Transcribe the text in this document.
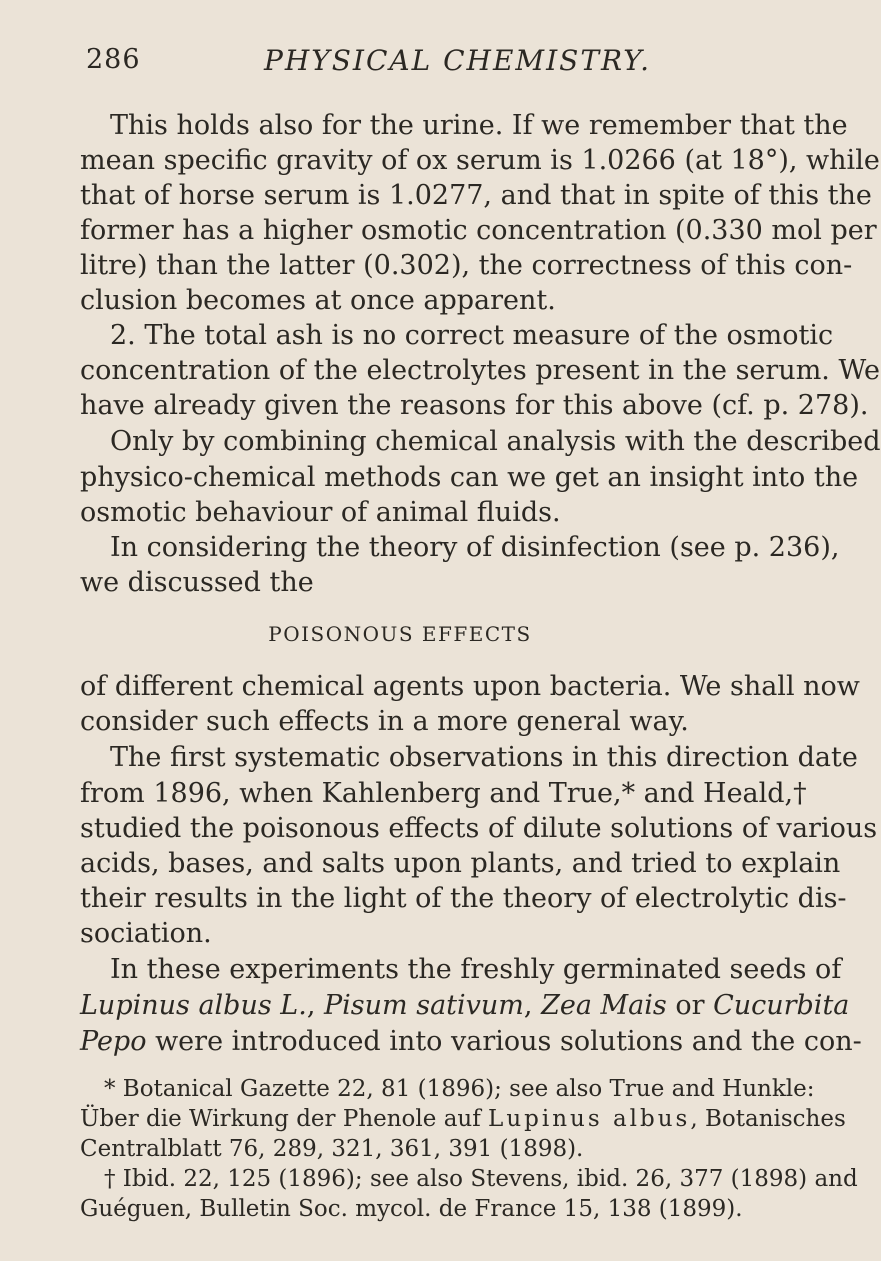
286	PHYSICAL CHEMISTRY.
This holds also for the urine. If we remember that the
mean specific gravity of ox serum is 1.0266 (at 18°), while
that of horse serum is 1.0277, and that in spite of this the
former has a higher osmotic concentration (0.330 mol per
litre) than the latter (0.302), the correctness of this con-
clusion becomes at once apparent.
2. The total ash is no correct measure of the osmotic
concentration of the electrolytes present in the serum. We
have already given the reasons for this above (cf. p. 278).
Only by combining chemical analysis with the described
physico-chemical methods can we get an insight into the
osmotic behaviour of animal fluids.
In considering the theory of disinfection (see p. 236),
we discussed the
POISONOUS EFFECTS
of different chemical agents upon bacteria. We shall now
consider such effects in a more general way.
The first systematic observations in this direction date
from 1896, when Kahlenberg and True,* and Heald,†
studied the poisonous effects of dilute solutions of various
acids, bases, and salts upon plants, and tried to explain
their results in the light of the theory of electrolytic dis-
sociation.
In these experiments the freshly germinated seeds of
Lupinus albus L. , Pisum sativum , Zea Mais or Cucurbita
Pepo were introduced into various solutions and the con-
* Botanical Gazette 22, 81 (1896); see also True and Hunkle:
Über die Wirkung der Phenole auf Lupinus albus , Botanisches
Centralblatt 76, 289, 321, 361, 391 (1898).
† Ibid. 22, 125 (1896); see also Stevens, ibid. 26, 377 (1898) and
Guéguen, Bulletin Soc. mycol. de France 15, 138 (1899).
